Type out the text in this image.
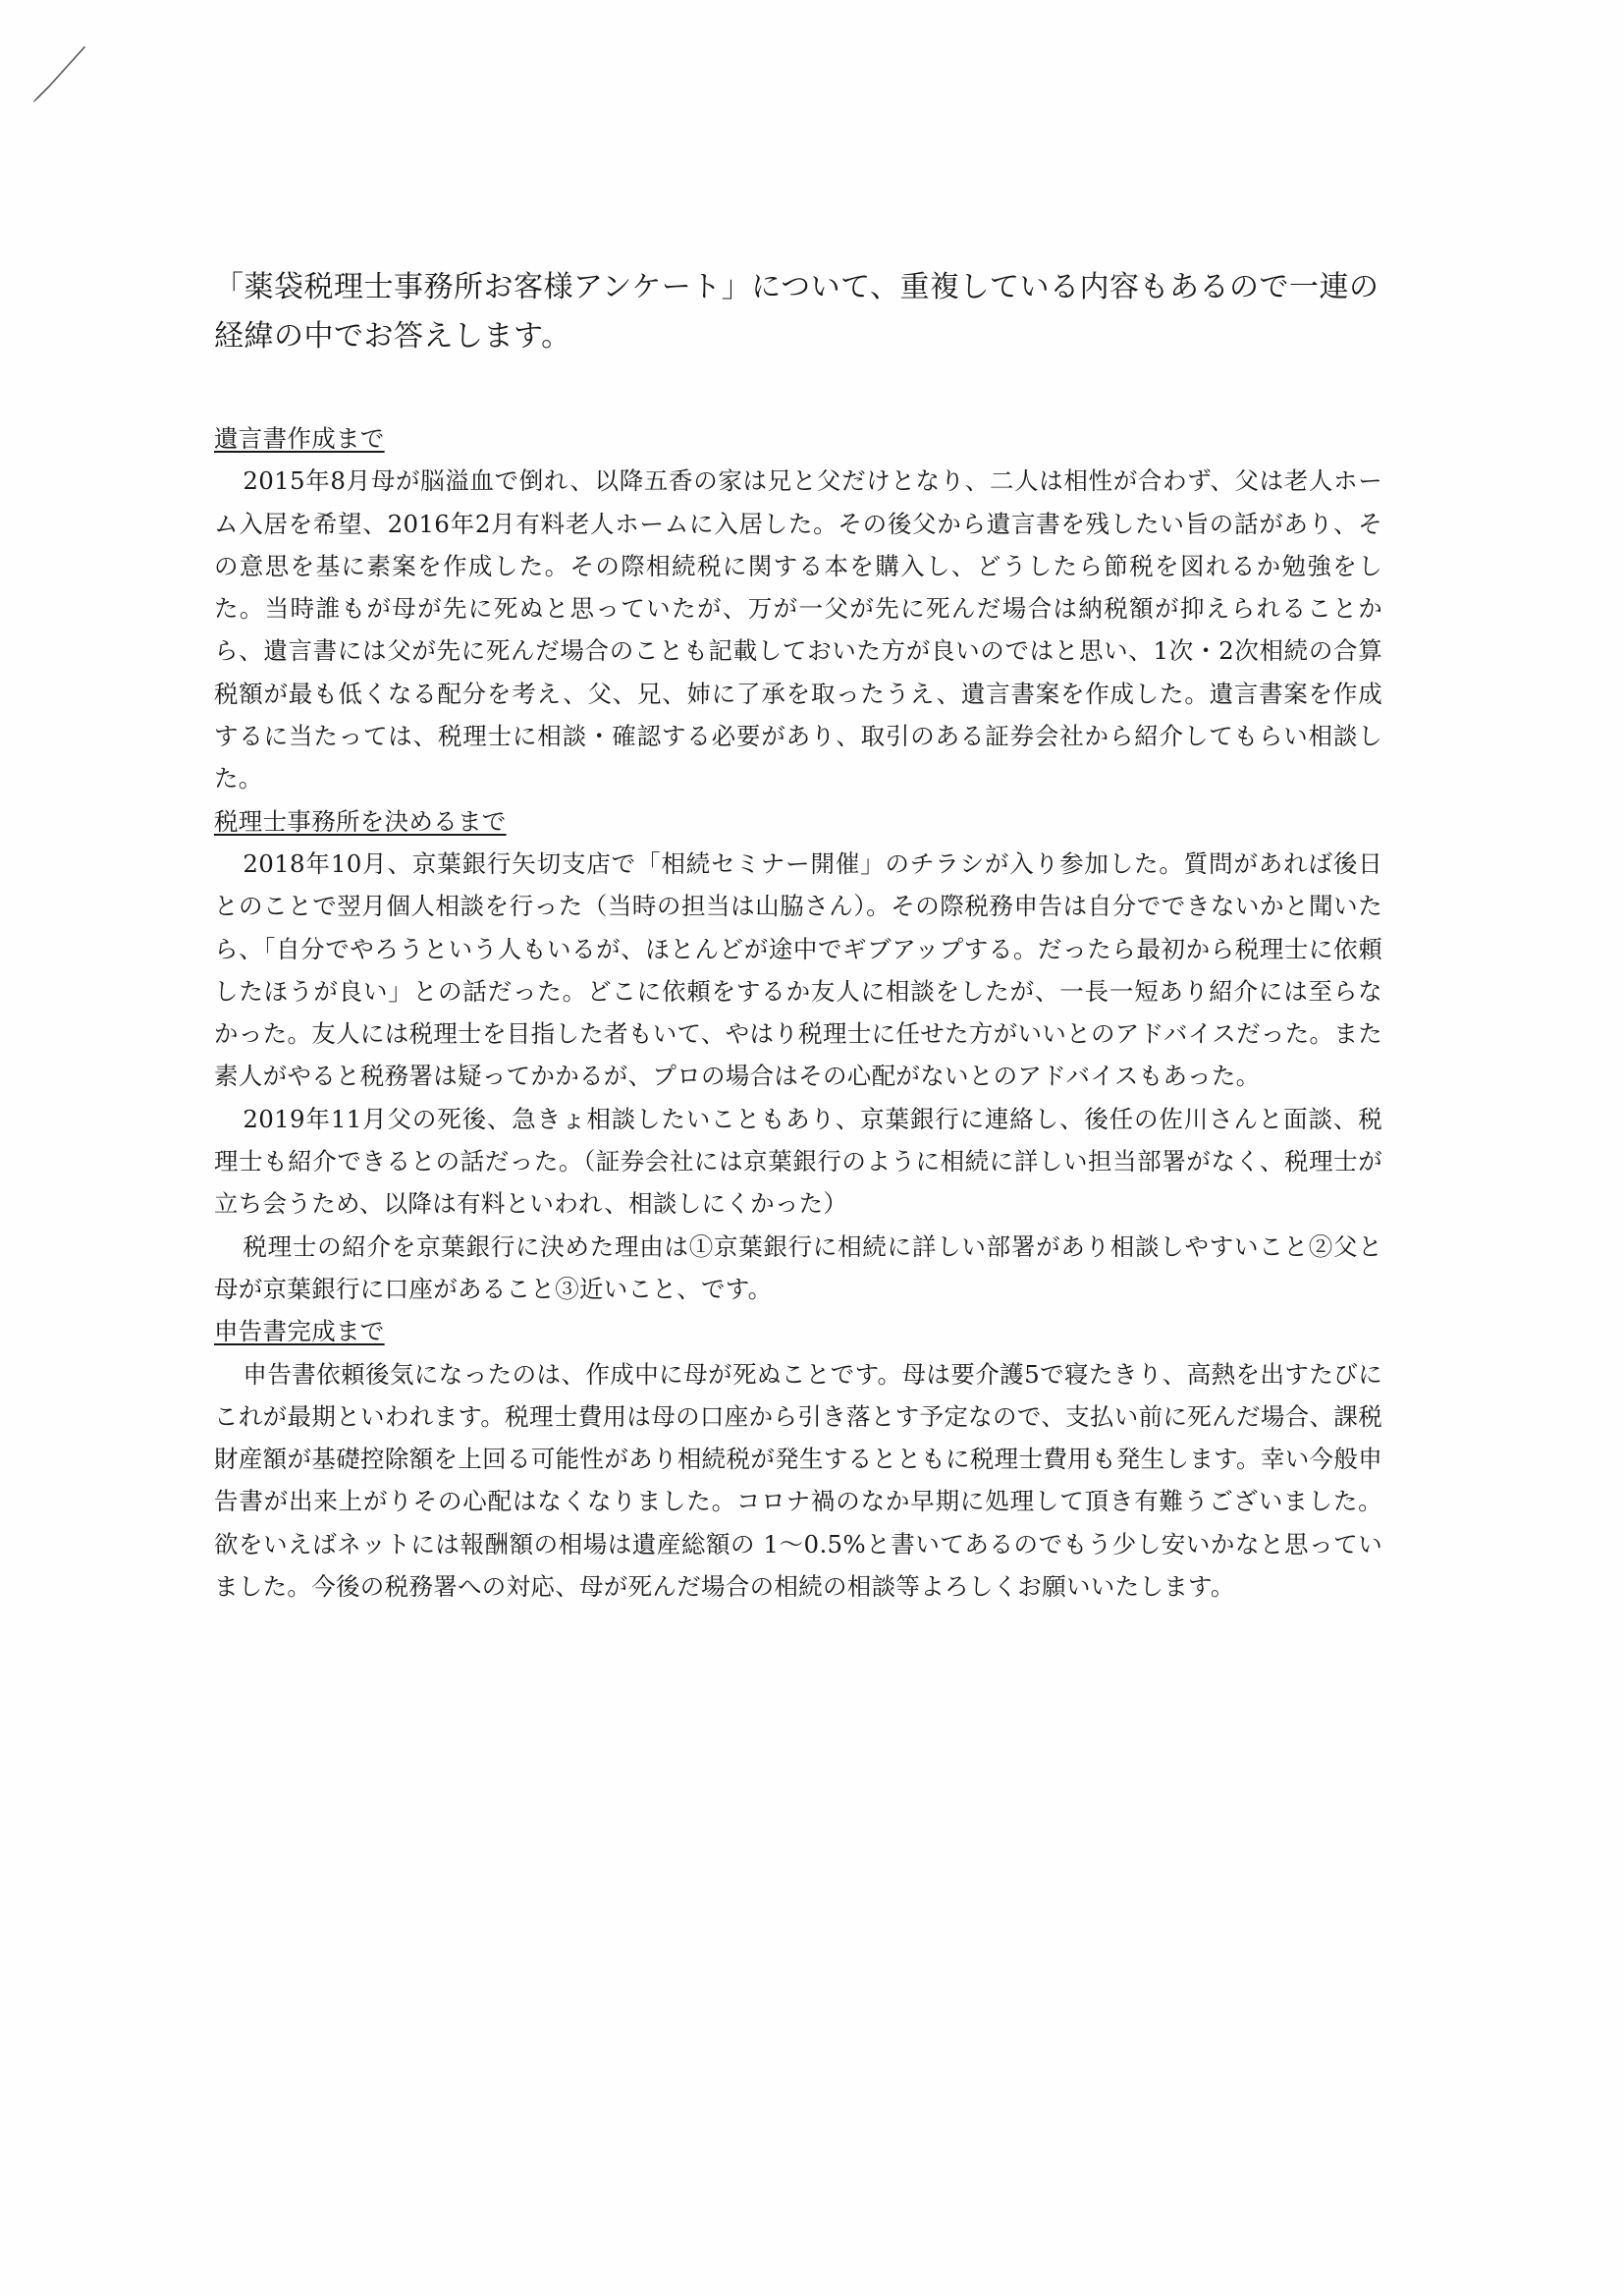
「薬袋税理士事務所お客様アンケート」について、重複している内容もあるので一連の経緯の中でお答えします。
遺言書作成まで

2015年8月母が脳溢血で倒れ、以降五香の家は兄と父だけとなり、二人は相性が合わず、父は老人ホーム入居を希望、2016年2月有料老人ホームに入居した。その後父から遺言書を残したい旨の話があり、その意思を基に素案を作成した。その際相続税に関する本を購入し、どうしたら節税を図れるか勉強をした。当時誰もが母が先に死ぬと思っていたが、万が一父が先に死んだ場合は納税額が抑えられることから、遺言書には父が先に死んだ場合のことも記載しておいた方が良いのではと思い、1次・2次相続の合算税額が最も低くなる配分を考え、父、兄、姉に了承を取ったうえ、遺言書案を作成した。遺言書案を作成するに当たっては、税理士に相談・確認する必要があり、取引のある証券会社から紹介してもらい相談した。

税理士事務所を決めるまで

2018年10月、京葉銀行矢切支店で「相続セミナー開催」のチラシが入り参加した。質問があれば後日とのことで翌月個人相談を行った（当時の担当は山脇さん）。その際税務申告は自分でできないかと聞いたら、「自分でやろうという人もいるが、ほとんどが途中でギブアップする。だったら最初から税理士に依頼したほうが良い」との話だった。どこに依頼をするか友人に相談をしたが、一長一短あり紹介には至らなかった。友人には税理士を目指した者もいて、やはり税理士に任せた方がいいとのアドバイスだった。また素人がやると税務署は疑ってかかるが、プロの場合はその心配がないとのアドバイスもあった。

2019年11月父の死後、急きょ相談したいこともあり、京葉銀行に連絡し、後任の佐川さんと面談、税理士も紹介できるとの話だった。（証券会社には京葉銀行のように相続に詳しい担当部署がなく、税理士が立ち会うため、以降は有料といわれ、相談しにくかった）

税理士の紹介を京葉銀行に決めた理由は①京葉銀行に相続に詳しい部署があり相談しやすいこと②父と母が京葉銀行に口座があること③近いこと、です。

申告書完成まで

申告書依頼後気になったのは、作成中に母が死ぬことです。母は要介護5で寝たきり、高熱を出すたびにこれが最期といわれます。税理士費用は母の口座から引き落とす予定なので、支払い前に死んだ場合、課税財産額が基礎控除額を上回る可能性があり相続税が発生するとともに税理士費用も発生します。幸い今般申告書が出来上がりその心配はなくなりました。コロナ禍のなか早期に処理して頂き有難うございました。欲をいえばネットには報酬額の相場は遺産総額の 1～0.5%と書いてあるのでもう少し安いかなと思っていました。今後の税務署への対応、母が死んだ場合の相続の相談等よろしくお願いいたします。
